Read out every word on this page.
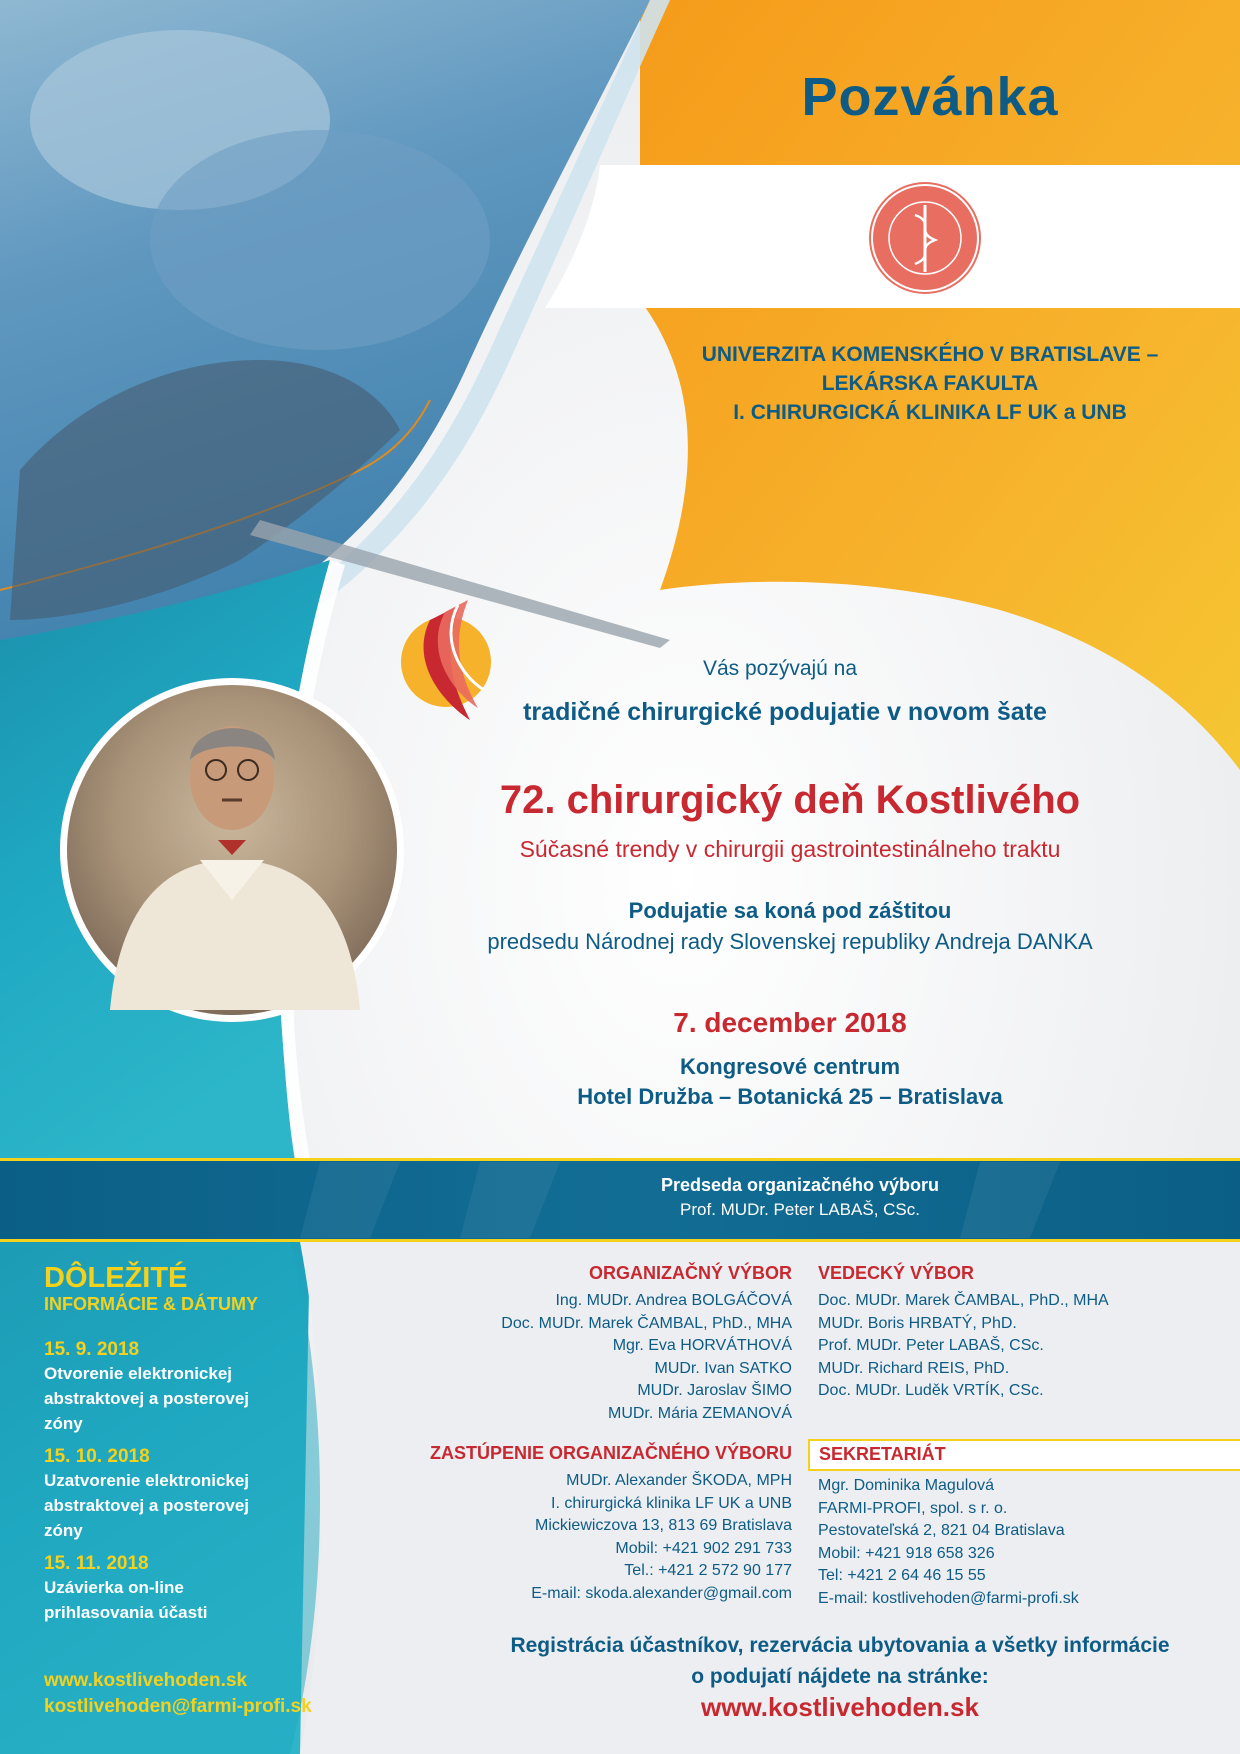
Pozvánka
UNIVERZITA KOMENSKÉHO V BRATISLAVE –
LEKÁRSKA FAKULTA
I. CHIRURGICKÁ KLINIKA LF UK a UNB
Vás pozývajú na
tradičné chirurgické podujatie v novom šate
72. chirurgický deň Kostlivého
Súčasné trendy v chirurgii gastrointestinálneho traktu
Podujatie sa koná pod záštitou
predsedu Národnej rady Slovenskej republiky Andreja DANKA
7. december 2018
Kongresové centrum
Hotel Družba – Botanická 25 – Bratislava
Predseda organizačného výboru
Prof. MUDr. Peter LABAŠ, CSc.
DÔLEŽITÉ
INFORMÁCIE & DÁTUMY
15. 9. 2018
Otvorenie elektronickej
abstraktovej a posterovej
zóny
15. 10. 2018
Uzatvorenie elektronickej
abstraktovej a posterovej
zóny
15. 11. 2018
Uzávierka on-line
prihlasovania účasti
www.kostlivehoden.sk
kostlivehoden@farmi-profi.sk
ORGANIZAČNÝ VÝBOR
Ing. MUDr. Andrea BOLGÁČOVÁ
Doc. MUDr. Marek ČAMBAL, PhD., MHA
Mgr. Eva HORVÁTHOVÁ
MUDr. Ivan SATKO
MUDr. Jaroslav ŠIMO
MUDr. Mária ZEMANOVÁ
VEDECKÝ VÝBOR
Doc. MUDr. Marek ČAMBAL, PhD., MHA
MUDr. Boris HRBATÝ, PhD.
Prof. MUDr. Peter LABAŠ, CSc.
MUDr. Richard REIS, PhD.
Doc. MUDr. Luděk VRTÍK, CSc.
ZASTÚPENIE ORGANIZAČNÉHO VÝBORU
MUDr. Alexander ŠKODA, MPH
I. chirurgická klinika LF UK a UNB
Mickiewiczova 13, 813 69 Bratislava
Mobil: +421 902 291 733
Tel.: +421 2 572 90 177
E-mail: skoda.alexander@gmail.com
SEKRETARIÁT
Mgr. Dominika Magulová
FARMI-PROFI, spol. s r. o.
Pestovateľská 2, 821 04 Bratislava
Mobil: +421 918 658 326
Tel: +421 2 64 46 15 55
E-mail: kostlivehoden@farmi-profi.sk
Registrácia účastníkov, rezervácia ubytovania a všetky informácie
o podujatí nájdete na stránke:
www.kostlivehoden.sk
